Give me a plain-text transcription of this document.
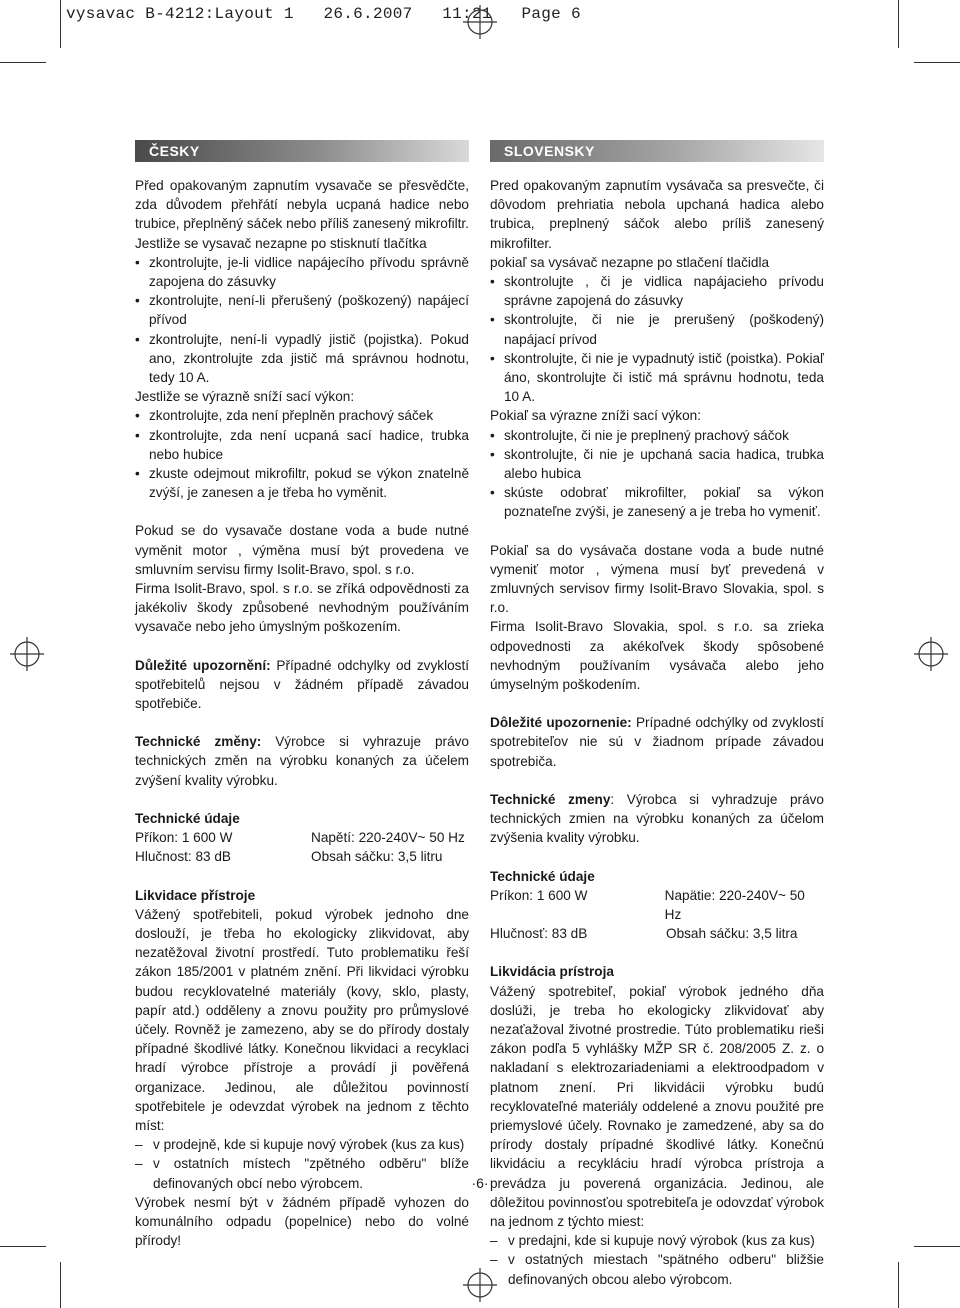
vysavac B-4212:Layout 1   26.6.2007   11:21   Page 6
ČESKY

Před opakovaným zapnutím vysavače se přesvědčte, zda důvodem přehřátí nebyla ucpaná hadice nebo trubice, přeplněný sáček nebo příliš zanesený mikrofiltr.

Jestliže se vysavač nezapne po stisknutí tlačítka

• zkontrolujte, je-li vidlice napájecího přívodu správně zapojena do zásuvky
• zkontrolujte, není-li přerušený (poškozený) napájecí přívod
• zkontrolujte, není-li vypadlý jistič (pojistka). Pokud ano, zkontrolujte zda jistič má správnou hodnotu, tedy 10 A.

Jestliže se výrazně sníží sací výkon:

• zkontrolujte, zda není přeplněn prachový sáček
• zkontrolujte, zda není ucpaná sací hadice, trubka nebo hubice
• zkuste odejmout mikrofiltr, pokud se výkon znatelně zvýší, je zanesen a je třeba ho vyměnit.

Pokud se do vysavače dostane voda a bude nutné vyměnit motor , výměna musí být provedena ve smluvním servisu firmy Isolit-Bravo, spol. s r.o.

Firma Isolit-Bravo, spol. s r.o. se zříká odpovědnosti za jakékoliv škody způsobené nevhodným používáním vysavače nebo jeho úmyslným poškozením.

Důležité upozornění: Případné odchylky od zvyklostí spotřebitelů nejsou v žádném případě závadou spotřebiče.

Technické změny: Výrobce si vyhrazuje právo technických změn na výrobku konaných za účelem zvýšení kvality výrobku.

Technické údaje
Příkon: 1 600 W	Napětí: 220-240V~ 50 Hz
Hlučnost: 83 dB	Obsah sáčku: 3,5 litru
Likvidace přístroje

Vážený spotřebiteli, pokud výrobek jednoho dne doslouží, je třeba ho ekologicky zlikvidovat, aby nezatěžoval životní prostředí. Tuto problematiku řeší zákon 185/2001 v platném znění. Při likvidaci výrobku budou recyklovatelné materiály (kovy, sklo, plasty, papír atd.) odděleny a znovu použity pro průmyslové účely. Rovněž je zamezeno, aby se do přírody dostaly případné škodlivé látky. Konečnou likvidaci a recyklaci hradí výrobce přístroje a provádí ji pověřená organizace. Jedinou, ale důležitou povinností spotřebitele je odevzdat výrobek na jednom z těchto míst:

– v prodejně, kde si kupuje nový výrobek (kus za kus)
– v ostatních místech "zpětného odběru" blíže definovaných obcí nebo výrobcem.

Výrobek nesmí být v žádném případě vyhozen do komunálního odpadu (popelnice) nebo do volné přírody!

SLOVENSKY

Pred opakovaným zapnutím vysávača sa presvečte, či dôvodom prehriatia nebola upchaná hadica alebo trubica, preplnený sáčok alebo príliš zanesený mikrofilter.

pokiaľ sa vysávač nezapne po stlačení tlačidla

• skontrolujte , či je vidlica napájacieho prívodu správne zapojená do zásuvky
• skontrolujte, či nie je prerušený (poškodený) napájací prívod
• skontrolujte, či nie je vypadnutý istič (poistka). Pokiaľ áno, skontrolujte či istič má správnu hodnotu, teda 10 A.

Pokiaľ sa výrazne zníži sací výkon:

• skontrolujte, či nie je preplnený prachový sáčok
• skontrolujte, či nie je upchaná sacia hadica, trubka alebo hubica
• skúste odobrať mikrofilter, pokiaľ sa výkon poznateľne zvýši, je zanesený a je treba ho vymeniť.

Pokiaľ sa do vysávača dostane voda a bude nutné vymeniť motor , výmena musí byť prevedená v zmluvných servisov firmy Isolit-Bravo Slovakia, spol. s r.o.

Firma Isolit-Bravo Slovakia, spol. s r.o. sa zrieka odpovednosti za akékoľvek škody spôsobené nevhodným používaním vysávača alebo jeho úmyselným poškodením.

Dôležité upozornenie: Prípadné odchýlky od zvyklostí spotrebiteľov nie sú v žiadnom prípade závadou spotrebiča.

Technické zmeny: Výrobca si vyhradzuje právo technických zmien na výrobku konaných za účelom zvýšenia kvality výrobku.

Technické údaje
Príkon: 1 600 W	Napätie: 220-240V~ 50 Hz
Hlučnosť: 83 dB	Obsah sáčku: 3,5 litra
Likvidácia prístroja

Vážený spotrebiteľ, pokiaľ výrobok jedného dňa doslúži, je treba ho ekologicky zlikvidovať aby nezaťažoval životné prostredie. Túto problematiku rieši zákon podľa 5 vyhlášky MŽP SR č. 208/2005 Z. z. o nakladaní s elektrozariadeniami a elektroodpadom v platnom znení. Pri likvidácii výrobku budú recyklovateľné materiály oddelené a znovu použité pre priemyslové účely. Rovnako je zamedzené, aby sa do prírody dostaly prípadné škodlivé látky. Konečnú likvidáciu a recykláciu hradí výrobca prístroja a prevádza ju poverená organizácia. Jedinou, ale dôležitou povinnosťou spotrebiteľa je odovzdať výrobok na jednom z týchto miest:

– v predajni, kde si kupuje nový výrobok (kus za kus)
– v ostatných miestach "spätného odberu" bližšie definovaných obcou alebo výrobcom.
·6·
